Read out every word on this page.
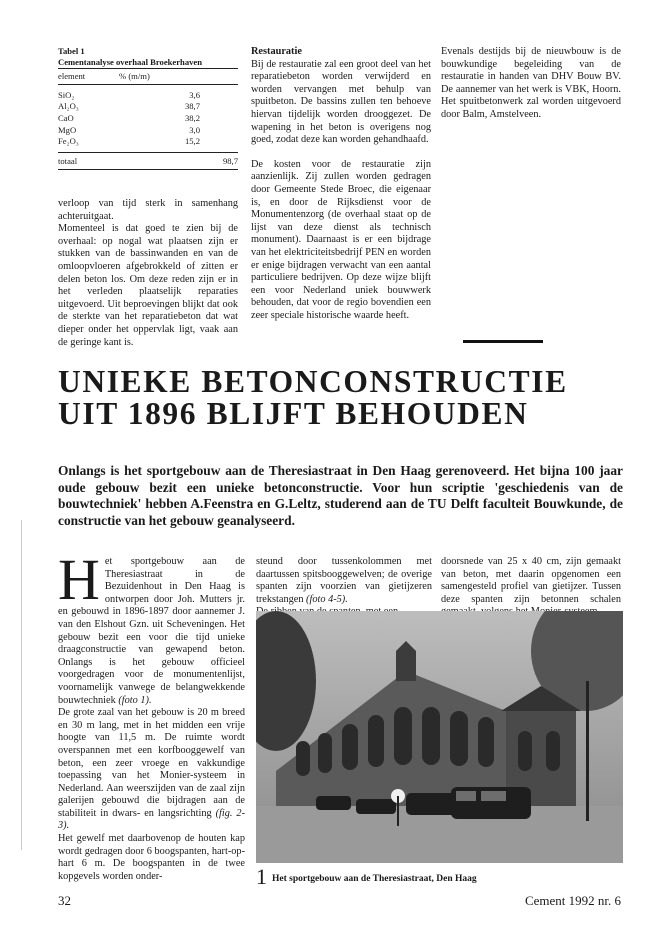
Tabel 1
Cementanalyse overhaal Broekerhaven
element	% (m/m)
SiO₂	3,6
Al₂O₃	38,7
CaO	38,2
MgO	3,0
Fe₂O₃	15,2
totaal	98,7

verloop van tijd sterk in samenhang achteruitgaat.

Momenteel is dat goed te zien bij de overhaal: op nogal wat plaatsen zijn er stukken van de bassinwanden en van de omloopvloeren afgebrokkeld of zitten er delen beton los. Om deze reden zijn er in het verleden plaatselijk reparaties uitgevoerd. Uit beproevingen blijkt dat ook de sterkte van het reparatiebeton dat wat dieper onder het oppervlak ligt, vaak aan de geringe kant is.

Restauratie

Bij de restauratie zal een groot deel van het reparatiebeton worden verwijderd en worden vervangen met behulp van spuitbeton. De bassins zullen ten behoeve hiervan tijdelijk worden drooggezet. De wapening in het beton is overigens nog goed, zodat deze kan worden gehandhaafd.

De kosten voor de restauratie zijn aanzienlijk. Zij zullen worden gedragen door Gemeente Stede Broec, die eigenaar is, en door de Rijksdienst voor de Monumentenzorg (de overhaal staat op de lijst van deze dienst als technisch monument). Daarnaast is er een bijdrage van het elektriciteitsbedrijf PEN en worden er enige bijdragen verwacht van een aantal particuliere bedrijven. Op deze wijze blijft een voor Nederland uniek bouwwerk behouden, dat voor de regio bovendien een zeer speciale historische waarde heeft.

Evenals destijds bij de nieuwbouw is de bouwkundige begeleiding van de restauratie in handen van DHV Bouw BV. De aannemer van het werk is VBK, Hoorn. Het spuitbetonwerk zal worden uitgevoerd door Balm, Amstelveen.

UNIEKE BETONCONSTRUCTIE
UIT 1896 BLIJFT BEHOUDEN
Onlangs is het sportgebouw aan de Theresiastraat in Den Haag gerenoveerd. Het bijna 100 jaar oude gebouw bezit een unieke betonconstructie. Voor hun scriptie 'geschiedenis van de bouwtechniek' hebben A.Feenstra en G.Leltz, studerend aan de TU Delft faculteit Bouwkunde, de constructie van het gebouw geanalyseerd.

Het sportgebouw aan de Theresiastraat in de Bezuidenhout in Den Haag is ontworpen door Joh. Mutters jr. en gebouwd in 1896-1897 door aannemer J. van den Elshout Gzn. uit Scheveningen. Het gebouw bezit een voor die tijd unieke draagconstructie van gewapend beton. Onlangs is het gebouw officieel voorgedragen voor de monumentenlijst, voornamelijk vanwege de belangwekkende bouwtechniek (foto 1).

De grote zaal van het gebouw is 20 m breed en 30 m lang, met in het midden een vrije hoogte van 11,5 m. De ruimte wordt overspannen met een korfbooggewelf van beton, een zeer vroege en vakkundige toepassing van het Monier-systeem in Nederland. Aan weerszijden van de zaal zijn galerijen gebouwd die bijdragen aan de stabiliteit in dwars- en langsrichting (fig. 2-3).

Het gewelf met daarbovenop de houten kap wordt gedragen door 6 boogspanten, hart-op-hart 6 m. De boogspanten in de twee kopgevels worden onder-

steund door tussenkolommen met daartussen spitsbooggewelven; de overige spanten zijn voorzien van gietijzeren trekstangen (foto 4-5).

doorsnede van 25 x 40 cm, zijn gemaakt van beton, met daarin opgenomen een samengesteld profiel van gietijzer. Tussen deze spanten zijn betonnen schalen

1 Het sportgebouw aan de Theresiastraat, Den Haag
32	Cement 1992 nr. 6
